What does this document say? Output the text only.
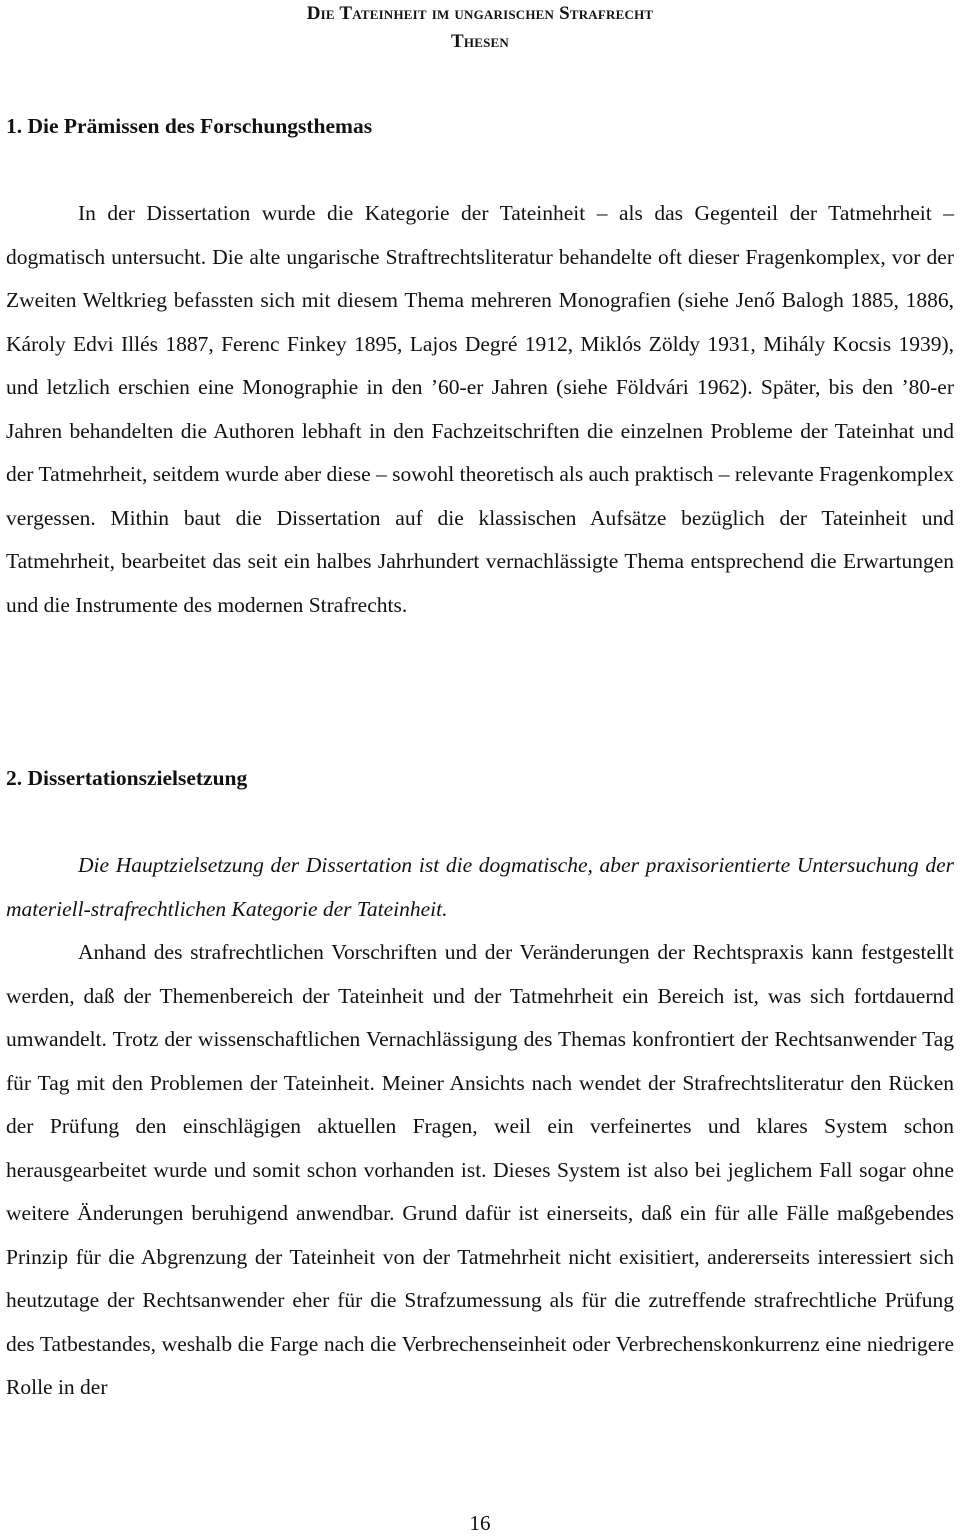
Die Tateinheit im ungarischen Strafrecht
Thesen
1. Die Prämissen des Forschungsthemas

In der Dissertation wurde die Kategorie der Tateinheit – als das Gegenteil der Tatmehrheit – dogmatisch untersucht. Die alte ungarische Straftrechtsliteratur behandelte oft dieser Fragenkomplex, vor der Zweiten Weltkrieg befassten sich mit diesem Thema mehreren Monografien (siehe Jenő Balogh 1885, 1886, Károly Edvi Illés 1887, Ferenc Finkey 1895, Lajos Degré 1912, Miklós Zöldy 1931, Mihály Kocsis 1939), und letzlich erschien eine Monographie in den ’60-er Jahren (siehe Földvári 1962). Später, bis den ’80-er Jahren behandelten die Authoren lebhaft in den Fachzeitschriften die einzelnen Probleme der Tateinhat und der Tatmehrheit, seitdem wurde aber diese – sowohl theoretisch als auch praktisch – relevante Fragenkomplex vergessen. Mithin baut die Dissertation auf die klassischen Aufsätze bezüglich der Tateinheit und Tatmehrheit, bearbeitet das seit ein halbes Jahrhundert vernachlässigte Thema entsprechend die Erwartungen und die Instrumente des modernen Strafrechts.

2. Dissertationszielsetzung

Die Hauptzielsetzung der Dissertation ist die dogmatische, aber praxisorientierte Untersuchung der materiell-strafrechtlichen Kategorie der Tateinheit.

Anhand des strafrechtlichen Vorschriften und der Veränderungen der Rechtspraxis kann festgestellt werden, daß der Themenbereich der Tateinheit und der Tatmehrheit ein Bereich ist, was sich fortdauernd umwandelt. Trotz der wissenschaftlichen Vernachlässigung des Themas konfrontiert der Rechtsanwender Tag für Tag mit den Problemen der Tateinheit. Meiner Ansichts nach wendet der Strafrechtsliteratur den Rücken der Prüfung den einschlägigen aktuellen Fragen, weil ein verfeinertes und klares System schon herausgearbeitet wurde und somit schon vorhanden ist. Dieses System ist also bei jeglichem Fall sogar ohne weitere Änderungen beruhigend anwendbar. Grund dafür ist einerseits, daß ein für alle Fälle maßgebendes Prinzip für die Abgrenzung der Tateinheit von der Tatmehrheit nicht exisitiert, andererseits interessiert sich heutzutage der Rechtsanwender eher für die Strafzumessung als für die zutreffende strafrechtliche Prüfung des Tatbestandes, weshalb die Farge nach die Verbrechenseinheit oder Verbrechenskonkurrenz eine niedrigere Rolle in der

16
